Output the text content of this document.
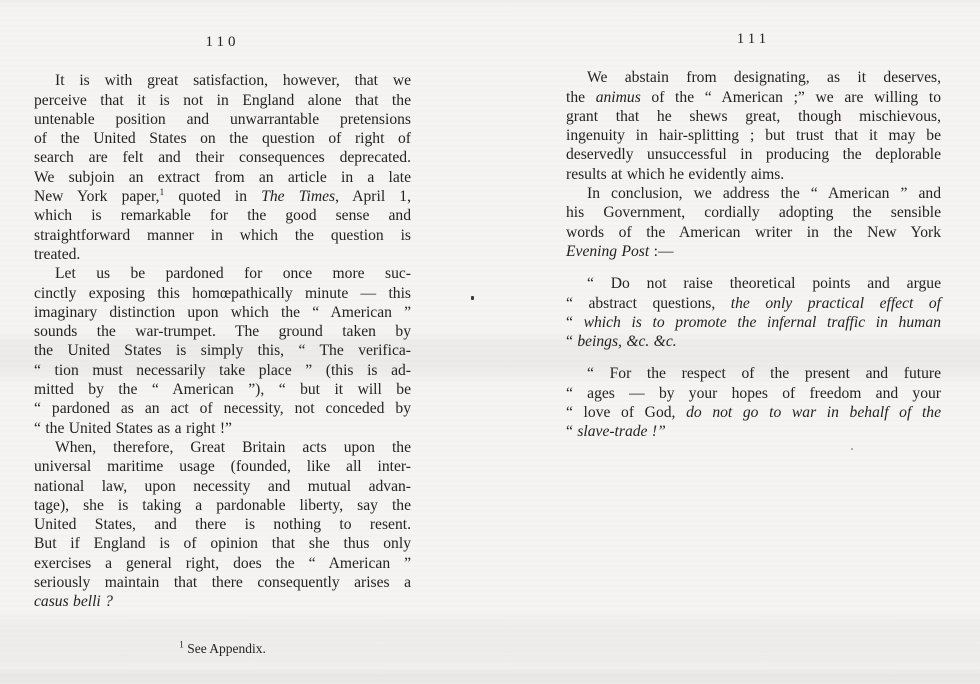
110
It is with great satisfaction, however, that we
perceive that it is not in England alone that the
untenable position and unwarrantable pretensions
of the United States on the question of right of
search are felt and their consequences deprecated.
We subjoin an extract from an article in a late
New York paper,$^1$ quoted in The Times, April 1,
which is remarkable for the good sense and
straightforward manner in which the question is
treated.
Let us be pardoned for once more suc-
cinctly exposing this homœpathically minute — this
imaginary distinction upon which the “ American ”
sounds the war-trumpet. The ground taken by
the United States is simply this, “ The verifica-
“ tion must necessarily take place ” (this is ad-
mitted by the “ American ”), “ but it will be
“ pardoned as an act of necessity, not conceded by
“ the United States as a right !”
When, therefore, Great Britain acts upon the
universal maritime usage (founded, like all inter-
national law, upon necessity and mutual advan-
tage), she is taking a pardonable liberty, say the
United States, and there is nothing to resent.
But if England is of opinion that she thus only
exercises a general right, does the “ American ”
seriously maintain that there consequently arises a
casus belli ?
$^1$ See Appendix.
111
We abstain from designating, as it deserves,
the animus of the “ American ;” we are willing to
grant that he shews great, though mischievous,
ingenuity in hair-splitting ; but trust that it may be
deservedly unsuccessful in producing the deplorable
results at which he evidently aims.
In conclusion, we address the “ American ” and
his Government, cordially adopting the sensible
words of the American writer in the New York
Evening Post :—
“ Do not raise theoretical points and argue
“ abstract questions, the only practical effect of
“ which is to promote the infernal traffic in human
“ beings, &c. &c.
“ For the respect of the present and future
“ ages — by your hopes of freedom and your
“ love of God, do not go to war in behalf of the
“ slave-trade !”
